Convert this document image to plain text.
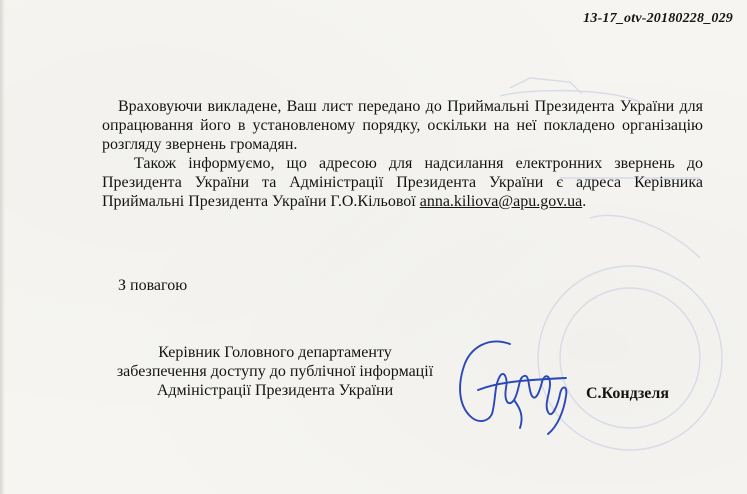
13-17_otv-20180228_029

Враховуючи викладене, Ваш лист передано до Приймальні Президента України для опрацювання його в установленому порядку, оскільки на неї покладено організацію розгляду звернень громадян.

Також інформуємо, що адресою для надсилання електронних звернень до Президента України та Адміністрації Президента України є адреса Керівника Приймальні Президента України Г.О.Кільової anna.kiliova@apu.gov.ua.

З повагою
Керівник Головного департаменту
забезпечення доступу до публічної інформації
Адміністрації Президента України	С.Кондзеля
